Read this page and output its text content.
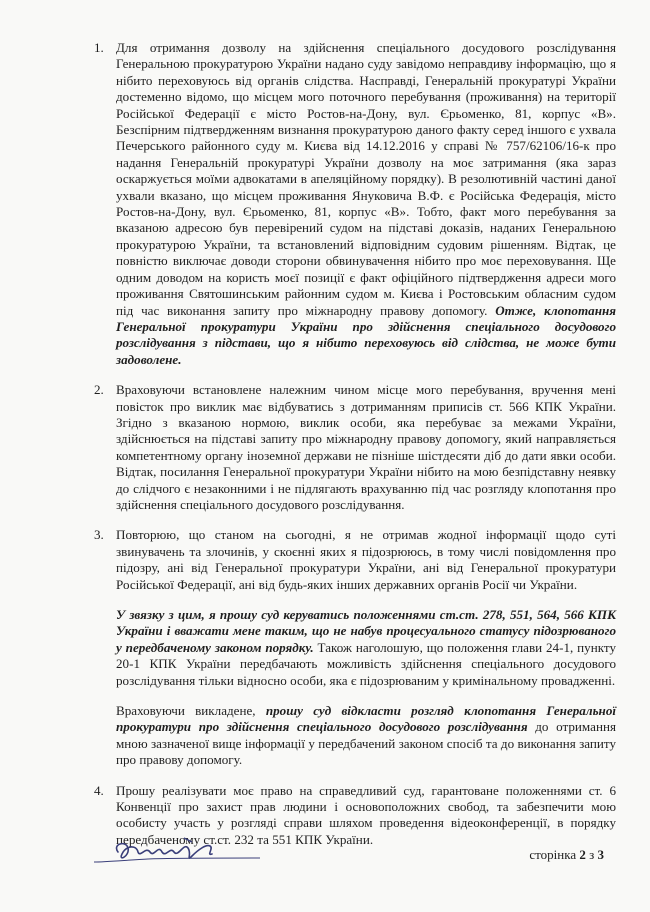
1. Для отримання дозволу на здійснення спеціального досудового розслідування Генеральною прокуратурою України надано суду завідомо неправдиву інформацію, що я нібито переховуюсь від органів слідства. Насправді, Генеральній прокуратурі України достеменно відомо, що місцем мого поточного перебування (проживання) на території Російської Федерації є місто Ростов-на-Дону, вул. Єрьоменко, 81, корпус «В». Безспірним підтвердженням визнання прокуратурою даного факту серед іншого є ухвала Печерського районного суду м. Києва від 14.12.2016 у справі № 757/62106/16-к про надання Генеральній прокуратурі України дозволу на моє затримання (яка зараз оскаржується моїми адвокатами в апеляційному порядку). В резолютивній частині даної ухвали вказано, що місцем проживання Януковича В.Ф. є Російська Федерація, місто Ростов-на-Дону, вул. Єрьоменко, 81, корпус «В». Тобто, факт мого перебування за вказаною адресою був перевірений судом на підставі доказів, наданих Генеральною прокуратурою України, та встановлений відповідним судовим рішенням. Відтак, це повністю виключає доводи сторони обвинувачення нібито про моє переховування. Ще одним доводом на користь моєї позиції є факт офіційного підтвердження адреси мого проживання Святошинським районним судом м. Києва і Ростовським обласним судом під час виконання запиту про міжнародну правову допомогу. Отже, клопотання Генеральної прокуратури України про здійснення спеціального досудового розслідування з підстави, що я нібито переховуюсь від слідства, не може бути задоволене.

2. Враховуючи встановлене належним чином місце мого перебування, вручення мені повісток про виклик має відбуватись з дотриманням приписів ст. 566 КПК України. Згідно з вказаною нормою, виклик особи, яка перебуває за межами України, здійснюється на підставі запиту про міжнародну правову допомогу, який направляється компетентному органу іноземної держави не пізніше шістдесяти діб до дати явки особи. Відтак, посилання Генеральної прокуратури України нібито на мою безпідставну неявку до слідчого є незаконними і не підлягають врахуванню під час розгляду клопотання про здійснення спеціального досудового розслідування.

3. Повторюю, що станом на сьогодні, я не отримав жодної інформації щодо суті звинувачень та злочинів, у скоєнні яких я підозрююсь, в тому числі повідомлення про підозру, ані від Генеральної прокуратури України, ані від Генеральної прокуратури Російської Федерації, ані від будь-яких інших державних органів Росії чи України.

У звязку з цим, я прошу суд керуватись положеннями ст.ст. 278, 551, 564, 566 КПК України і вважати мене таким, що не набув процесуального статусу підозрюваного у передбаченому законом порядку. Також наголошую, що положення глави 24-1, пункту 20-1 КПК України передбачають можливість здійснення спеціального досудового розслідування тільки відносно особи, яка є підозрюваним у кримінальному провадженні.

Враховуючи викладене, прошу суд відкласти розгляд клопотання Генеральної прокуратури про здійснення спеціального досудового розслідування до отримання мною зазначеної вище інформації у передбачений законом спосіб та до виконання запиту про правову допомогу.

4. Прошу реалізувати моє право на справедливий суд, гарантоване положеннями ст. 6 Конвенції про захист прав людини і основоположних свобод, та забезпечити мою особисту участь у розгляді справи шляхом проведення відеоконференції, в порядку передбаченому ст.ст. 232 та 551 КПК України.

сторінка 2 з 3
